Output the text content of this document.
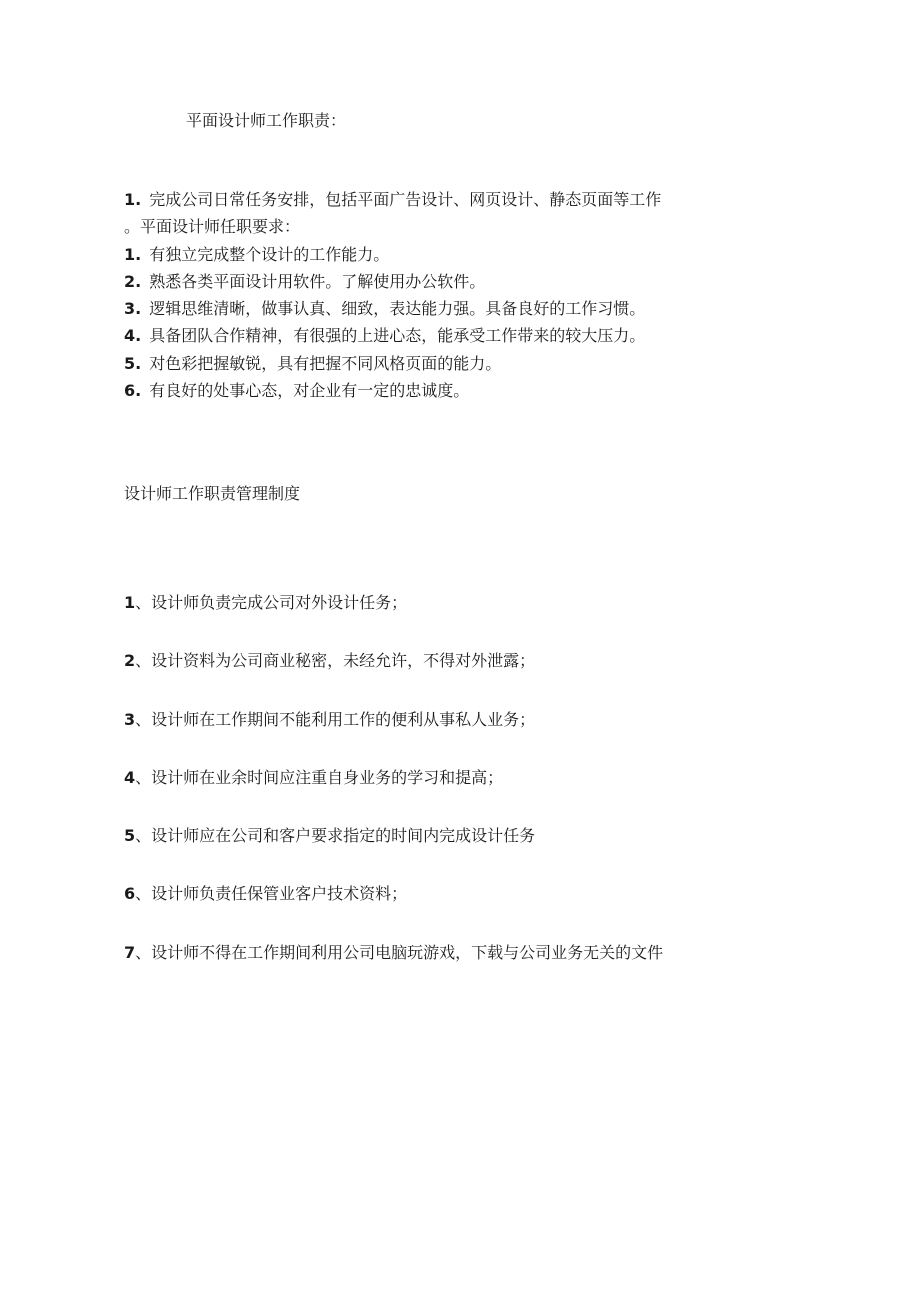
平面设计师工作职责：
1. 完成公司日常任务安排，包括平面广告设计、网页设计、静态页面等工作
。平面设计师任职要求：
1. 有独立完成整个设计的工作能力。
2. 熟悉各类平面设计用软件。了解使用办公软件。
3. 逻辑思维清晰，做事认真、细致，表达能力强。具备良好的工作习惯。
4. 具备团队合作精神，有很强的上进心态，能承受工作带来的较大压力。
5. 对色彩把握敏锐，具有把握不同风格页面的能力。
6. 有良好的处事心态，对企业有一定的忠诚度。
设计师工作职责管理制度
1、设计师负责完成公司对外设计任务；
2、设计资料为公司商业秘密，未经允许，不得对外泄露；
3、设计师在工作期间不能利用工作的便利从事私人业务；
4、设计师在业余时间应注重自身业务的学习和提高；
5、设计师应在公司和客户要求指定的时间内完成设计任务
6、设计师负责任保管业客户技术资料；
7、设计师不得在工作期间利用公司电脑玩游戏，下载与公司业务无关的文件
